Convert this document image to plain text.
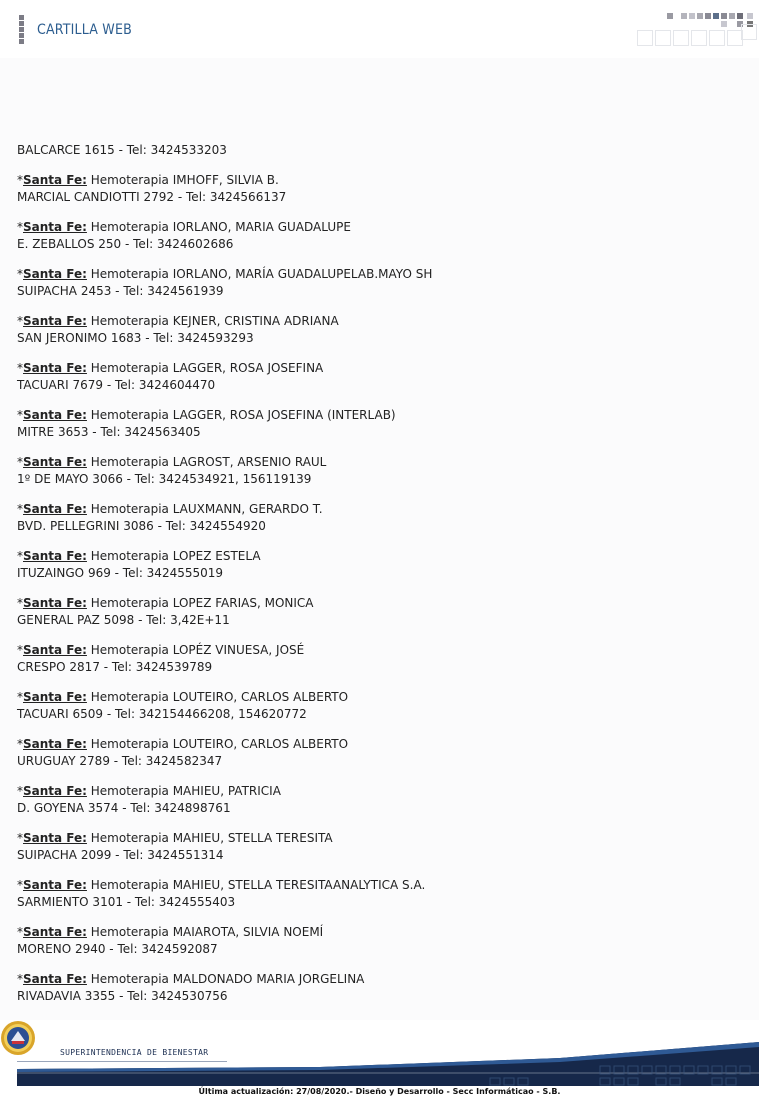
CARTILLA WEB
BALCARCE 1615 - Tel: 3424533203
*Santa Fe: Hemoterapia IMHOFF, SILVIA B.
MARCIAL CANDIOTTI 2792 - Tel: 3424566137
*Santa Fe: Hemoterapia IORLANO, MARIA GUADALUPE
E. ZEBALLOS 250 - Tel: 3424602686
*Santa Fe: Hemoterapia IORLANO, MARÍA GUADALUPELAB.MAYO SH
SUIPACHA 2453 - Tel: 3424561939
*Santa Fe: Hemoterapia KEJNER, CRISTINA ADRIANA
SAN JERONIMO 1683 - Tel: 3424593293
*Santa Fe: Hemoterapia LAGGER, ROSA JOSEFINA
TACUARI 7679 - Tel: 3424604470
*Santa Fe: Hemoterapia LAGGER, ROSA JOSEFINA (INTERLAB)
MITRE 3653 - Tel: 3424563405
*Santa Fe: Hemoterapia LAGROST, ARSENIO RAUL
1º DE MAYO 3066 - Tel: 3424534921, 156119139
*Santa Fe: Hemoterapia LAUXMANN, GERARDO T.
BVD. PELLEGRINI 3086 - Tel: 3424554920
*Santa Fe: Hemoterapia LOPEZ ESTELA
ITUZAINGO 969 - Tel: 3424555019
*Santa Fe: Hemoterapia LOPEZ FARIAS, MONICA
GENERAL PAZ 5098 - Tel: 3,42E+11
*Santa Fe: Hemoterapia LOPÉZ VINUESA, JOSÉ
CRESPO 2817 - Tel: 3424539789
*Santa Fe: Hemoterapia LOUTEIRO, CARLOS ALBERTO
TACUARI 6509 - Tel: 342154466208, 154620772
*Santa Fe: Hemoterapia LOUTEIRO, CARLOS ALBERTO
URUGUAY 2789 - Tel: 3424582347
*Santa Fe: Hemoterapia MAHIEU, PATRICIA
D. GOYENA 3574 - Tel: 3424898761
*Santa Fe: Hemoterapia MAHIEU, STELLA TERESITA
SUIPACHA 2099 - Tel: 3424551314
*Santa Fe: Hemoterapia MAHIEU, STELLA TERESITAANALYTICA S.A.
SARMIENTO 3101 - Tel: 3424555403
*Santa Fe: Hemoterapia MAIAROTA, SILVIA NOEMÍ
MORENO 2940 - Tel: 3424592087
*Santa Fe: Hemoterapia MALDONADO MARIA JORGELINA
RIVADAVIA 3355 - Tel: 3424530756
SUPERINTENDENCIA DE BIENESTAR
Última actualización: 27/08/2020.- Diseño y Desarrollo - Secc Informáticao - S.B.
